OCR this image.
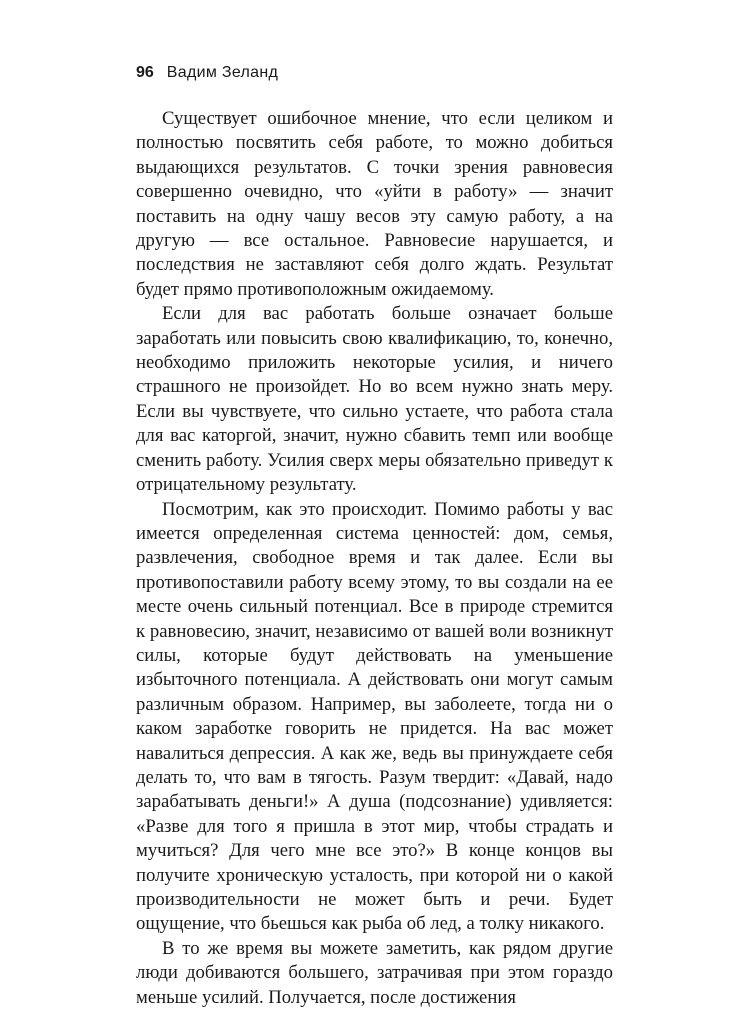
96 Вадим Зеланд

Существует ошибочное мнение, что если целиком и полностью посвятить себя работе, то можно добиться выдающихся результатов. С точки зрения равновесия совершенно очевидно, что «уйти в работу» — значит поставить на одну чашу весов эту самую работу, а на другую — все остальное. Равновесие нарушается, и последствия не заставляют себя долго ждать. Результат будет прямо противоположным ожидаемому.

Если для вас работать больше означает больше заработать или повысить свою квалификацию, то, конечно, необходимо приложить некоторые усилия, и ничего страшного не произойдет. Но во всем нужно знать меру. Если вы чувствуете, что сильно устаете, что работа стала для вас каторгой, значит, нужно сбавить темп или вообще сменить работу. Усилия сверх меры обязательно приведут к отрицательному результату.

Посмотрим, как это происходит. Помимо работы у вас имеется определенная система ценностей: дом, семья, развлечения, свободное время и так далее. Если вы противопоставили работу всему этому, то вы создали на ее месте очень сильный потенциал. Все в природе стремится к равновесию, значит, независимо от вашей воли возникнут силы, которые будут действовать на уменьшение избыточного потенциала. А действовать они могут самым различным образом. Например, вы заболеете, тогда ни о каком заработке говорить не придется. На вас может навалиться депрессия. А как же, ведь вы принуждаете себя делать то, что вам в тягость. Разум твердит: «Давай, надо зарабатывать деньги!» А душа (подсознание) удивляется: «Разве для того я пришла в этот мир, чтобы страдать и мучиться? Для чего мне все это?» В конце концов вы получите хроническую усталость, при которой ни о какой производительности не может быть и речи. Будет ощущение, что бьешься как рыба об лед, а толку никакого.

В то же время вы можете заметить, как рядом другие люди добиваются большего, затрачивая при этом гораздо меньше усилий. Получается, после достижения
